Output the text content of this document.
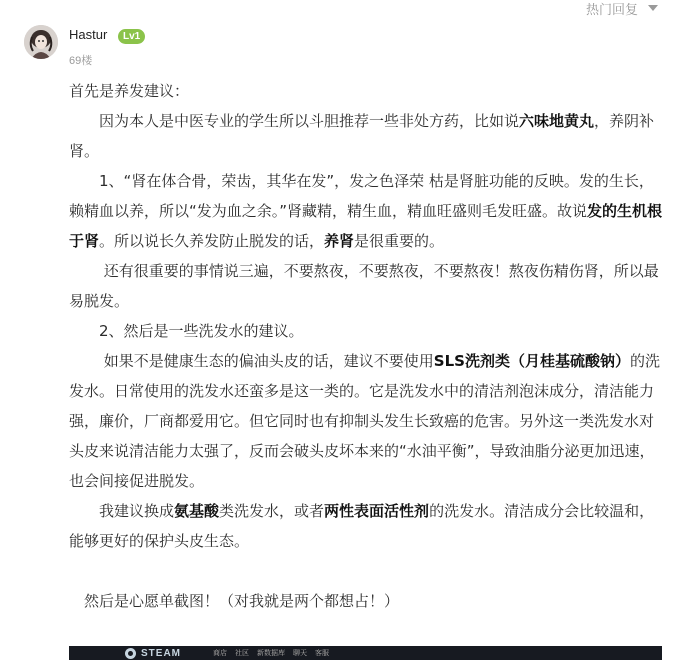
热门回复
Hastur	Lv1
69楼

首先是养发建议：

　　因为本人是中医专业的学生所以斗胆推荐一些非处方药，比如说六味地黄丸，养阴补肾。

　　1、“肾在体合骨，荣齿，其华在发”，发之色泽荣 枯是肾脏功能的反映。发的生长，赖精血以养，所以“发为血之余。”肾藏精，精生血，精血旺盛则毛发旺盛。故说发的生机根于肾。所以说长久养发防止脱发的话，养肾是很重要的。

　　 还有很重要的事情说三遍，不要熬夜，不要熬夜，不要熬夜！熬夜伤精伤肾，所以最易脱发。

　　2、然后是一些洗发水的建议。

　　 如果不是健康生态的偏油头皮的话，建议不要使用SLS洗剂类（月桂基硫酸钠）的洗发水。日常使用的洗发水还蛮多是这一类的。它是洗发水中的清洁剂泡沫成分，清洁能力强，廉价，厂商都爱用它。但它同时也有抑制头发生长致癌的危害。另外这一类洗发水对头皮来说清洁能力太强了，反而会破头皮坏本来的“水油平衡”，导致油脂分泌更加迅速，也会间接促进脱发。

　　我建议换成氨基酸类洗发水，或者两性表面活性剂的洗发水。清洁成分会比较温和，能够更好的保护头皮生态。

　然后是心愿单截图！（对我就是两个都想占！）

STEAM	商店 社区 新数据库 聊天 客服
